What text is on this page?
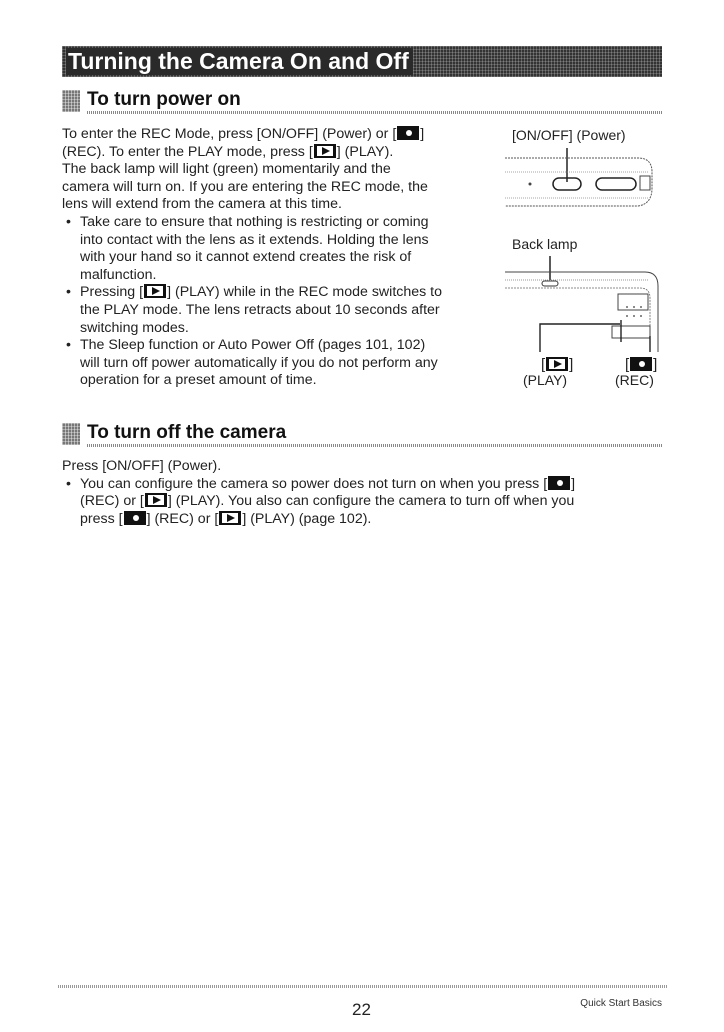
Turning the Camera On and Off
To turn power on

To enter the REC Mode, press [ON/OFF] (Power) or [ ]

(REC). To enter the PLAY mode, press [ ] (PLAY).

The back lamp will light (green) momentarily and the

camera will turn on. If you are entering the REC mode, the

lens will extend from the camera at this time.

• Take care to ensure that nothing is restricting or coming

into contact with the lens as it extends. Holding the lens

with your hand so it cannot extend creates the risk of

malfunction.

• Pressing [ ] (PLAY) while in the REC mode switches to

the PLAY mode. The lens retracts about 10 seconds after

switching modes.

• The Sleep function or Auto Power Off (pages 101, 102)

will turn off power automatically if you do not perform any

operation for a preset amount of time.

[ON/OFF] (Power)
Back lamp
[ ]	[ ]
(PLAY)	(REC)
To turn off the camera

Press [ON/OFF] (Power).

• You can configure the camera so power does not turn on when you press [ ]

(REC) or [ ] (PLAY). You also can configure the camera to turn off when you

press [ ] (REC) or [ ] (PLAY) (page 102).

22	Quick Start Basics
